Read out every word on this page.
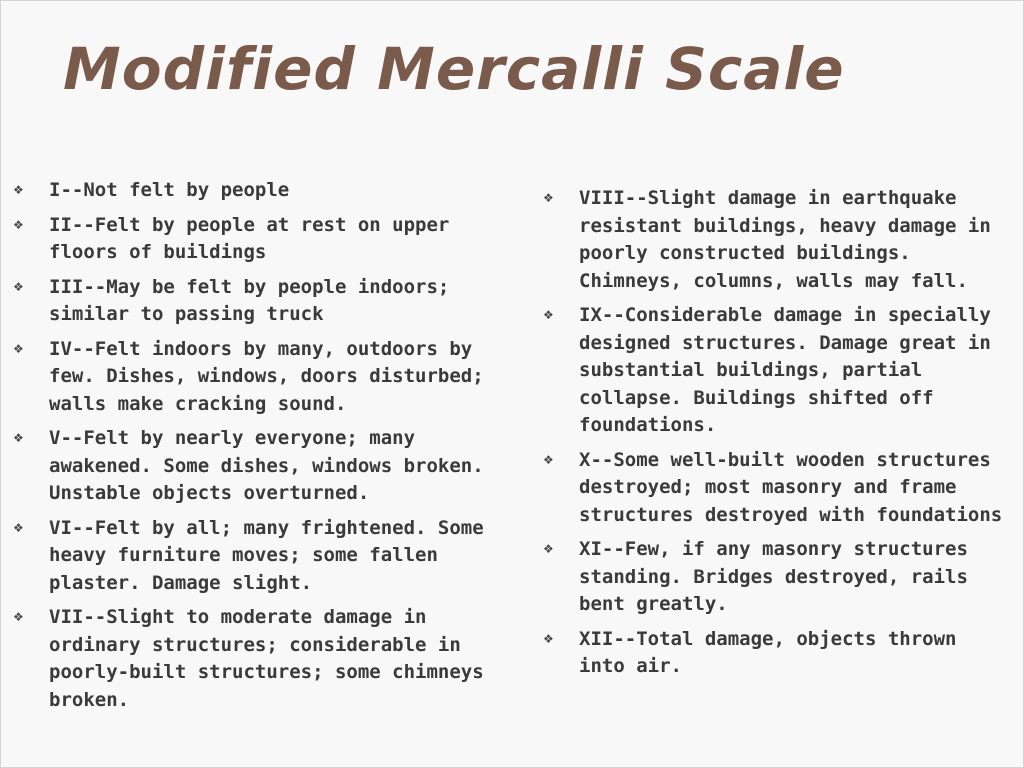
Modified Mercalli Scale
❖ I--Not felt by people
❖ II--Felt by people at rest on upper floors of buildings
❖ III--May be felt by people indoors; similar to passing truck
❖ IV--Felt indoors by many, outdoors by few. Dishes, windows, doors disturbed; walls make cracking sound.
❖ V--Felt by nearly everyone; many awakened. Some dishes, windows broken. Unstable objects overturned.
❖ VI--Felt by all; many frightened. Some heavy furniture moves; some fallen plaster. Damage slight.
❖ VII--Slight to moderate damage in ordinary structures; considerable in poorly-built structures; some chimneys broken.
❖ VIII--Slight damage in earthquake resistant buildings, heavy damage in poorly constructed buildings. Chimneys, columns, walls may fall.
❖ IX--Considerable damage in specially designed structures. Damage great in substantial buildings, partial collapse. Buildings shifted off foundations.
❖ X--Some well-built wooden structures destroyed; most masonry and frame structures destroyed with foundations
❖ XI--Few, if any masonry structures standing. Bridges destroyed, rails bent greatly.
❖ XII--Total damage, objects thrown into air.
